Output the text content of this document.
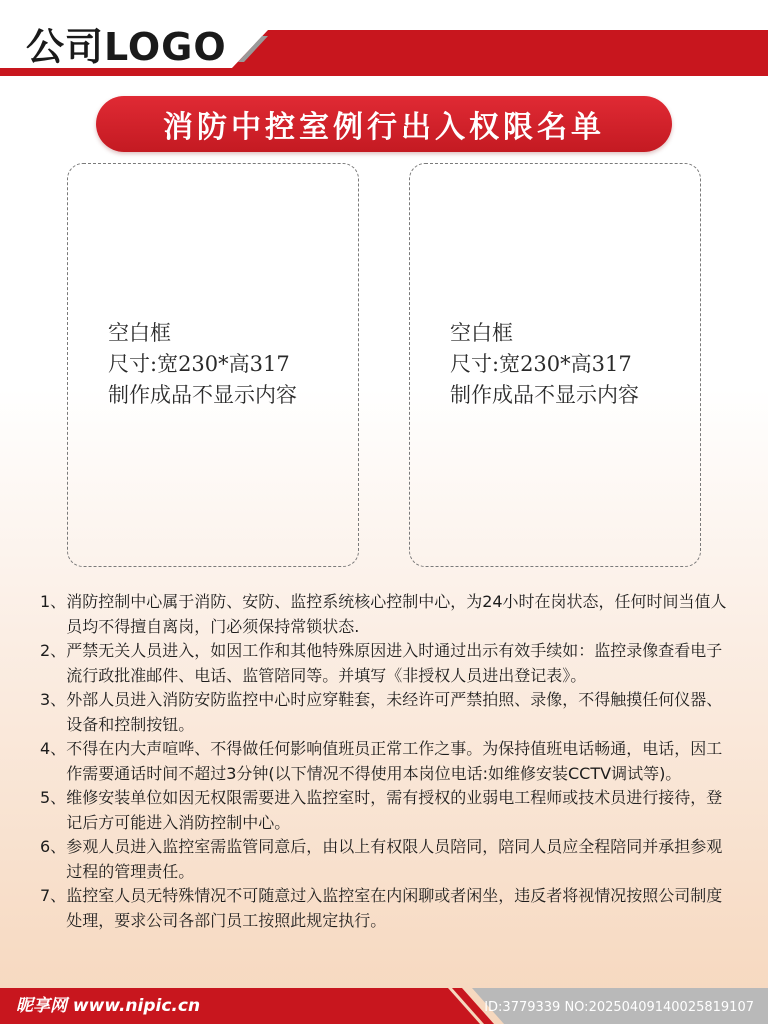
公司LOGO
消防中控室例行出入权限名单
空白框
尺寸:宽230*高317
制作成品不显示内容
空白框
尺寸:宽230*高317
制作成品不显示内容
1、 消防控制中心属于消防、安防、监控系统核心控制中心，为24小时在岗状态，任何时间当值人员均不得擅自离岗，门必须保持常锁状态.
2、 严禁无关人员进入，如因工作和其他特殊原因进入时通过出示有效手续如：监控录像查看电子流行政批准邮件、电话、监管陪同等。并填写《非授权人员进出登记表》。
3、 外部人员进入消防安防监控中心时应穿鞋套，未经许可严禁拍照、录像，不得触摸任何仪器、设备和控制按钮。
4、 不得在内大声喧哗、不得做任何影响值班员正常工作之事。为保持值班电话畅通，电话，因工作需要通话时间不超过3分钟(以下情况不得使用本岗位电话:如维修安装CCTV调试等)。
5、 维修安装单位如因无权限需要进入监控室时，需有授权的业弱电工程师或技术员进行接待，登记后方可能进入消防控制中心。
6、 参观人员进入监控室需监管同意后，由以上有权限人员陪同，陪同人员应全程陪同并承担参观过程的管理责任。
7、 监控室人员无特殊情况不可随意过入监控室在内闲聊或者闲坐，违反者将视情况按照公司制度处理，要求公司各部门员工按照此规定执行。
昵享网 www.nipic.cn	ID:3779339 NO:20250409140025819107
